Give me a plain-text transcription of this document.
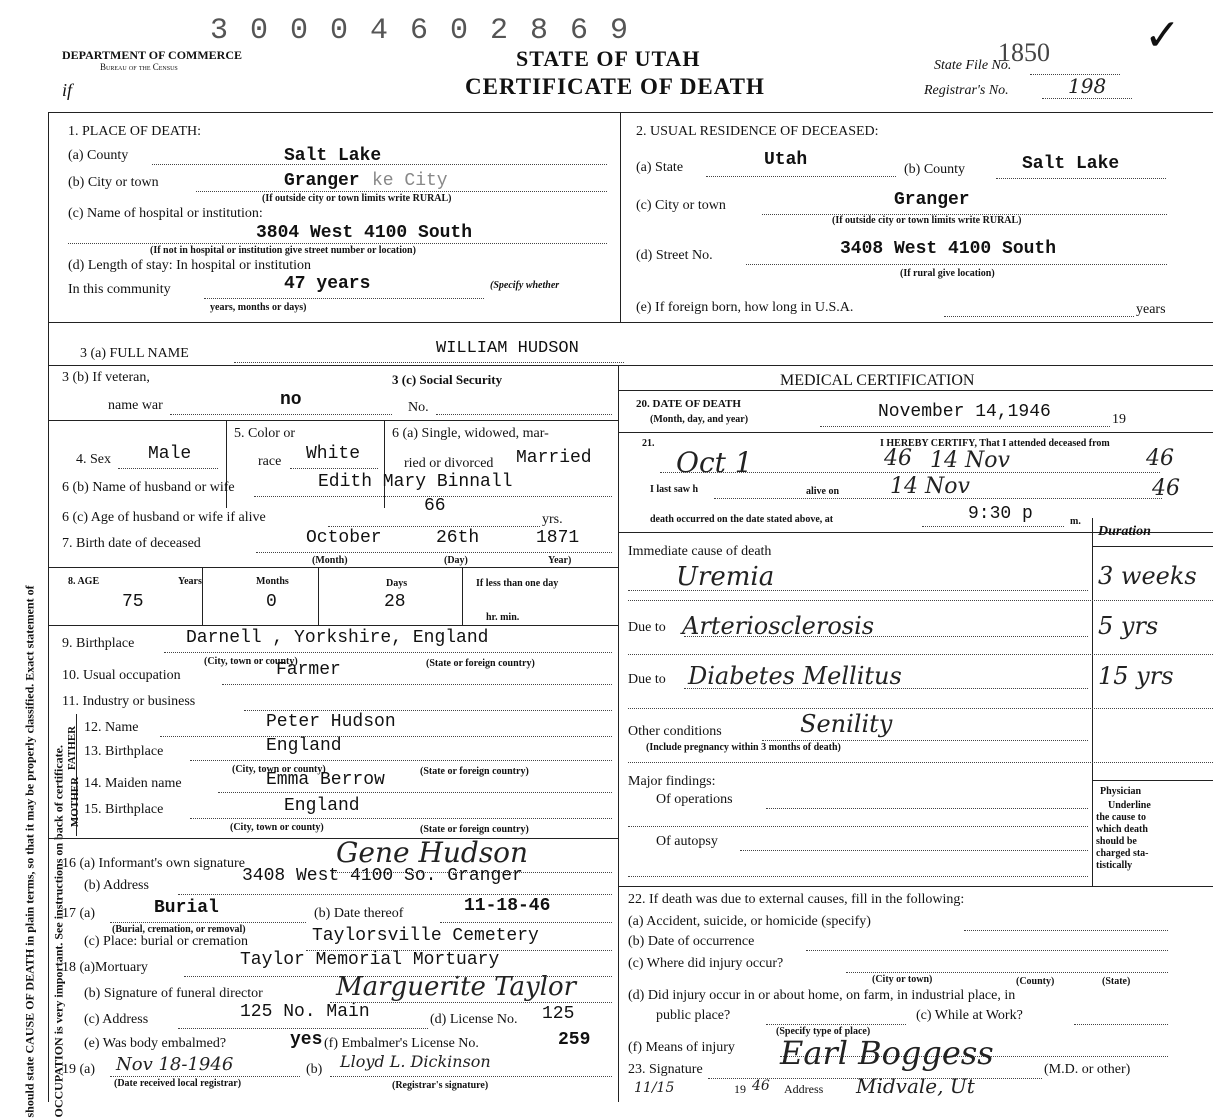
should state CAUSE OF DEATH in plain terms, so that it may be properly classified. Exact statement of OCCUPATION is very important. See instructions on back of certificate.
DEPARTMENT OF COMMERCE
Bureau of the Census
if
3 0 0 0 4 6 0 2 8 6 9
STATE OF UTAH
CERTIFICATE OF DEATH
State File No.
1850 ✓
Registrar's No.	198
1. PLACE OF DEATH:
(a) County	Salt Lake
(b) City or town	Granger ke City
(If outside city or town limits write RURAL)
(c) Name of hospital or institution:
3804 West 4100 South
(If not in hospital or institution give street number or location)
(d) Length of stay: In hospital or institution
In this community	47 years	(Specify whether
years, months or days)
2. USUAL RESIDENCE OF DECEASED:
(a) State	Utah	(b) County	Salt Lake
(c) City or town	Granger
(If outside city or town limits write RURAL)
(d) Street No.	3408 West 4100 South
(If rural give location)
(e) If foreign born, how long in U.S.A.	years
3 (a) FULL NAME	WILLIAM HUDSON
3 (b) If veteran,	3 (c) Social Security
name war	no	No.
4. Sex Male
5. Color or
race White
6 (a) Single, widowed, mar-
ried or divorced Married
6 (b) Name of husband or wife	Edith Mary Binnall
6 (c) Age of husband or wife if alive
66
yrs.
7. Birth date of deceased	October	26th	1871
(Month)	(Day)	Year)
8. AGE	Years	Months	Days	If less than one day
75	0	28
hr. min.
9. Birthplace	Darnell , Yorkshire, England
(City, town or county)	(State or foreign country)
10. Usual occupation	Farmer
11. Industry or business
FATHER
MOTHER
12. Name	Peter Hudson
13. Birthplace	England
(City, town or county)	(State or foreign country)
14. Maiden name	Emma Berrow
15. Birthplace	England
(City, town or county)	(State or foreign country)
16 (a) Informant's own signature	Gene Hudson
(b) Address	3408 West 4100 So. Granger
17 (a)	Burial
(Burial, cremation, or removal)
(b) Date thereof	11-18-46
(c) Place: burial or cremation	Taylorsville Cemetery
18 (a)Mortuary	Taylor Memorial Mortuary
(b) Signature of funeral director	Marguerite Taylor
(c) Address	125 No. Main	(d) License No. 125
(e) Was body embalmed?	yes (f) Embalmer's License No.	259
19 (a) Nov 18-1946
(Date received local registrar)
(b) Lloyd L. Dickinson
(Registrar's signature)
MEDICAL CERTIFICATION
20. DATE OF DEATH
(Month, day, and year)	November 14,1946	19
21.	I HEREBY CERTIFY, That I attended deceased from
Oct 1	46 14 Nov	46
I last saw h	alive on 14 Nov	46
death occurred on the date stated above, at	9:30 p	m.
Duration
Immediate cause of death
Uremia	3 weeks
Due to Arteriosclerosis	5 yrs
Due to Diabetes Mellitus	15 yrs
Other conditions	Senility
(Include pregnancy within 3 months of death)
Major findings:
Of operations
Of autopsy
Physician
Underline
the cause to
which death
should be
charged sta-
tistically
22. If death was due to external causes, fill in the following:
(a) Accident, suicide, or homicide (specify)
(b) Date of occurrence
(c) Where did injury occur?
(City or town)	(County)	(State)
(d) Did injury occur in or about home, on farm, in industrial place, in
public place?	(c) While at Work?
(Specify type of place)
(f) Means of injury
23. Signature Earl Boggess	(M.D. or other)
11/15	19 46 Address Midvale, Ut
